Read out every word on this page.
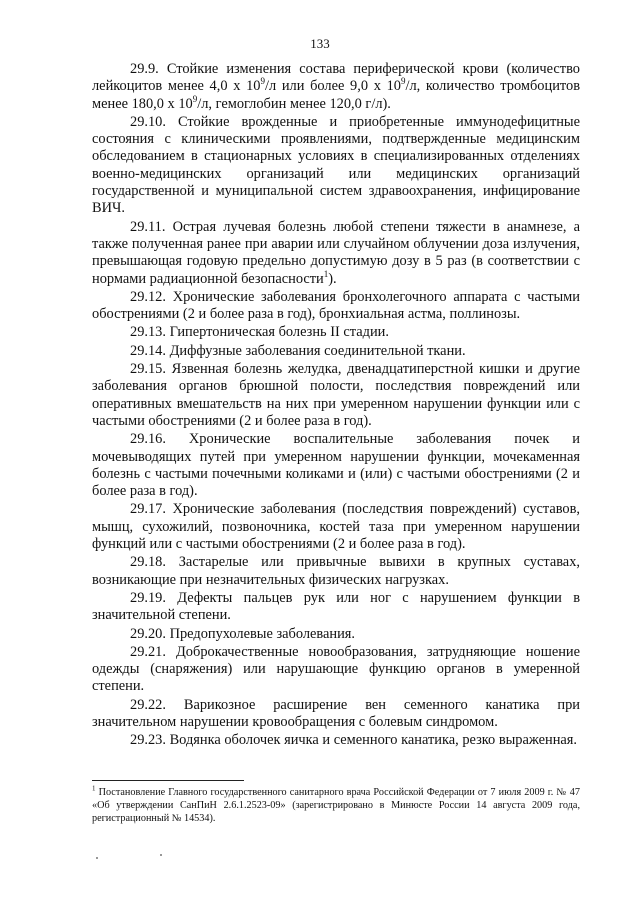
133

29.9. Стойкие изменения состава периферической крови (количество лейкоцитов менее 4,0 x $10^9/л$ или более 9,0 x $10^9/л$, количество тромбоцитов менее 180,0 x $10^9/л$, гемоглобин менее 120,0 г/л).

29.10. Стойкие врожденные и приобретенные иммунодефицитные состояния с клиническими проявлениями, подтвержденные медицинским обследованием в стационарных условиях в специализированных отделениях военно-медицинских организаций или медицинских организаций государственной и муниципальной систем здравоохранения, инфицирование ВИЧ.

29.11. Острая лучевая болезнь любой степени тяжести в анамнезе, а также полученная ранее при аварии или случайном облучении доза излучения, превышающая годовую предельно допустимую дозу в 5 раз (в соответствии с нормами радиационной безопасности$^1$).

29.12. Хронические заболевания бронхолегочного аппарата с частыми обострениями (2 и более раза в год), бронхиальная астма, поллинозы.

29.13. Гипертоническая болезнь II стадии.

29.14. Диффузные заболевания соединительной ткани.

29.15. Язвенная болезнь желудка, двенадцатиперстной кишки и другие заболевания органов брюшной полости, последствия повреждений или оперативных вмешательств на них при умеренном нарушении функции или с частыми обострениями (2 и более раза в год).

29.16. Хронические воспалительные заболевания почек и мочевыводящих путей при умеренном нарушении функции, мочекаменная болезнь с частыми почечными коликами и (или) с частыми обострениями (2 и более раза в год).

29.17. Хронические заболевания (последствия повреждений) суставов, мышц, сухожилий, позвоночника, костей таза при умеренном нарушении функций или с частыми обострениями (2 и более раза в год).

29.18. Застарелые или привычные вывихи в крупных суставах, возникающие при незначительных физических нагрузках.

29.19. Дефекты пальцев рук или ног с нарушением функции в значительной степени.

29.20. Предопухолевые заболевания.

29.21. Доброкачественные новообразования, затрудняющие ношение одежды (снаряжения) или нарушающие функцию органов в умеренной степени.

29.22. Варикозное расширение вен семенного канатика при значительном нарушении кровообращения с болевым синдромом.

29.23. Водянка оболочек яичка и семенного канатика, резко выраженная.

$^1$ Постановление Главного государственного санитарного врача Российской Федерации от 7 июля 2009 г. № 47 «Об утверждении СанПиН 2.6.1.2523-09» (зарегистрировано в Минюсте России 14 августа 2009 года, регистрационный № 14534).
